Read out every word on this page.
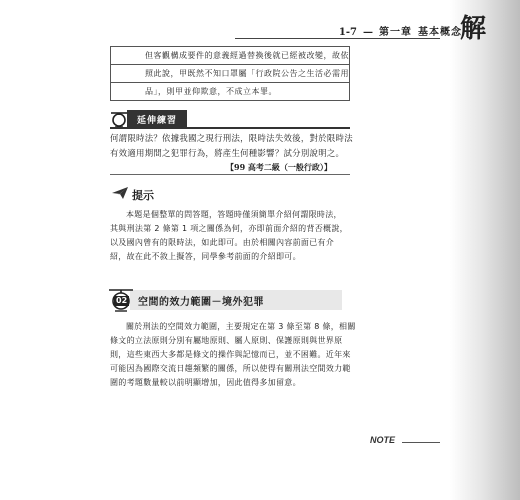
1-7 — 第一章 基本概念
解
但客觀構成要件的意義經過替換後就已經被改變，故依
照此說，甲既然不知口罩屬「行政院公告之生活必需用
品」，則甲並仰欺意，不成立本罪。
延伸練習
何謂限時法？依據我國之現行刑法，限時法失效後，對於限時法
有效適用期間之犯罪行為，將產生何種影響？試分別說明之。
【99 高考二級（一般行政）】
提示
本題是個整單的問答題，答題時僅須簡單介紹何謂限時法，
其與刑法第 2 條第 1 項之關係為何，亦即前面介紹的背否概說，
以及國內曾有的限時法，如此即可。由於相關內容前面已有介
紹，故在此不敘上擬答，同學參考前面的介紹即可。
02 空間的效力範圍－境外犯罪
關於刑法的空間效力範圍，主要規定在第 3 條至第 8 條，相關
條文的立法原則分別有屬地原則、屬人原則、保護原則與世界原
則，這些東西大多都是條文的操作與記憶而已，並不困難。近年來
可能因為國際交流日趨頻繁的關係，所以使得有關刑法空間效力範
圍的考題數量較以前明顯增加，因此值得多加留意。
NOTE
